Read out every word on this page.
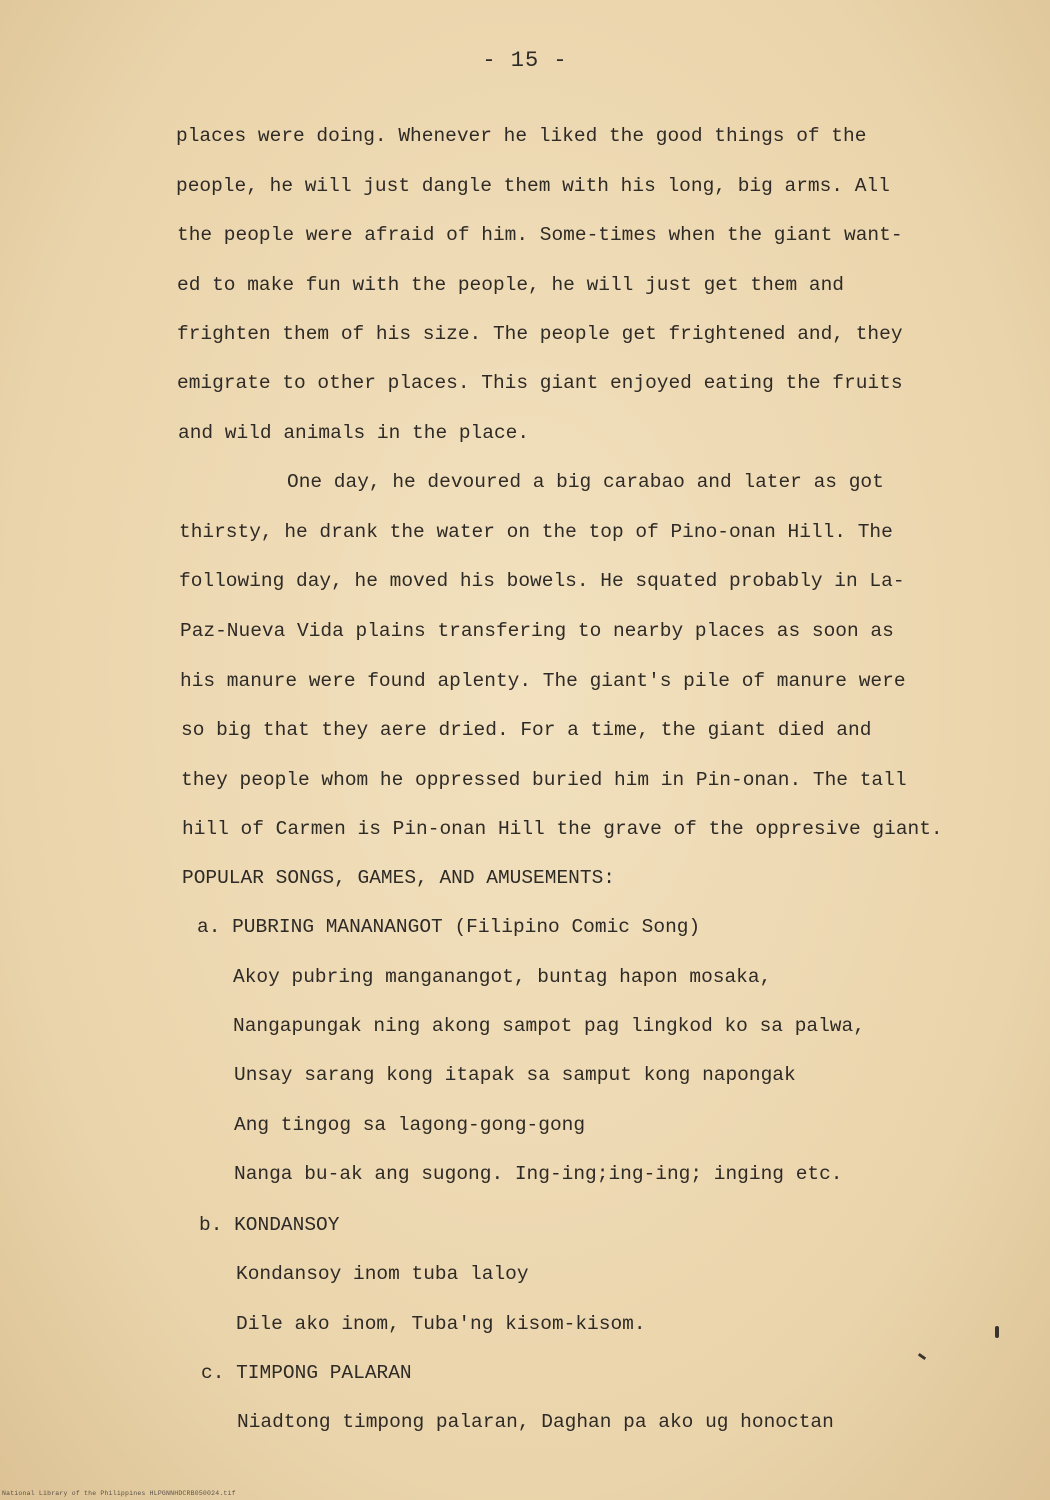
- 15 -
places were doing. Whenever he liked the good things of the
people, he will just dangle them with his long, big arms. All
the people were afraid of him. Some-times when the giant want-
ed to make fun with the people, he will just get them and
frighten them of his size. The people get frightened and, they
emigrate to other places. This giant enjoyed eating the fruits
and wild animals in the place.
One day, he devoured a big carabao and later as got
thirsty, he drank the water on the top of Pino-onan Hill. The
following day, he moved his bowels. He squated probably in La-
Paz-Nueva Vida plains transfering to nearby places as soon as
his manure were found aplenty. The giant's pile of manure were
so big that they aere dried. For a time, the giant died and
they people whom he oppressed buried him in Pin-onan. The tall
hill of Carmen is Pin-onan Hill the grave of the oppresive giant.
POPULAR SONGS, GAMES, AND AMUSEMENTS:
a. PUBRING MANANANGOT (Filipino Comic Song)
Akoy pubring manganangot, buntag hapon mosaka,
Nangapungak ning akong sampot pag lingkod ko sa palwa,
Unsay sarang kong itapak sa samput kong napongak
Ang tingog sa lagong-gong-gong
Nanga bu-ak ang sugong. Ing-ing;ing-ing; inging etc.
b. KONDANSOY
Kondansoy inom tuba laloy
Dile ako inom, Tuba'ng kisom-kisom.
c. TIMPONG PALARAN
Niadtong timpong palaran, Daghan pa ako ug honoctan
National Library of the Philippines HLPGNNHDCRB050024.tif
